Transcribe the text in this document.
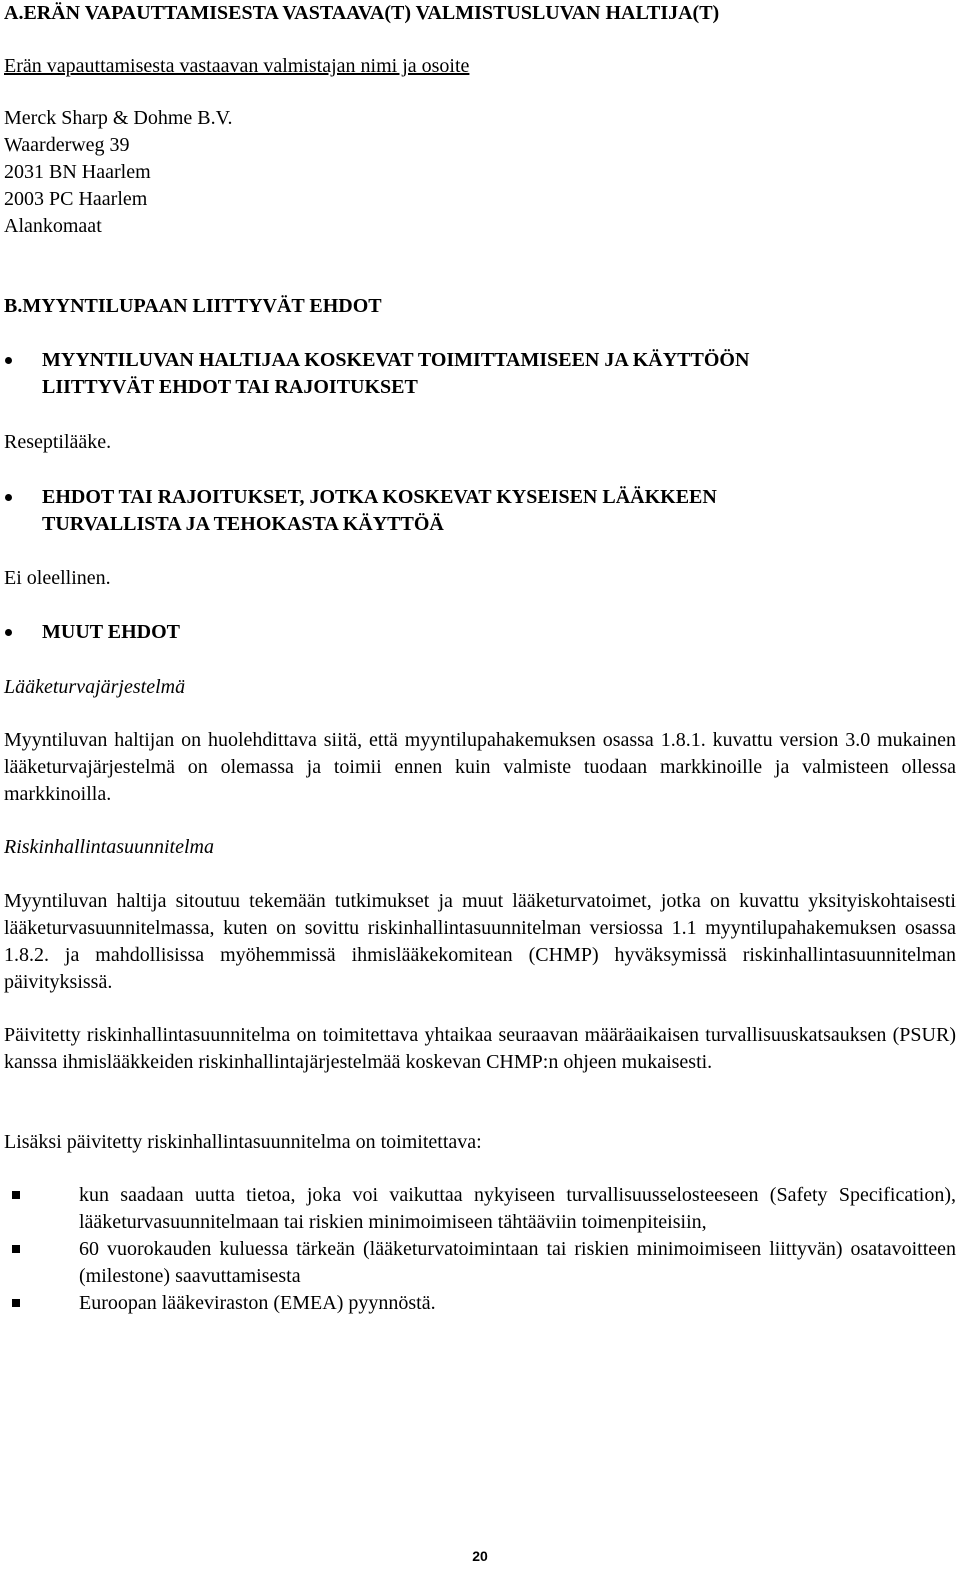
A.ERÄN VAPAUTTAMISESTA VASTAAVA(T) VALMISTUSLUVAN HALTIJA(T)
Erän vapauttamisesta vastaavan valmistajan nimi ja osoite
Merck Sharp & Dohme B.V.
Waarderweg 39
2031 BN Haarlem
2003 PC Haarlem
Alankomaat
B.MYYNTILUPAAN LIITTYVÄT EHDOT
MYYNTILUVAN HALTIJAA KOSKEVAT TOIMITTAMISEEN JA KÄYTTÖÖN
LIITTYVÄT EHDOT TAI RAJOITUKSET
Reseptilääke.
EHDOT TAI RAJOITUKSET, JOTKA KOSKEVAT KYSEISEN LÄÄKKEEN
TURVALLISTA JA TEHOKASTA KÄYTTÖÄ
Ei oleellinen.
MUUT EHDOT
Lääketurvajärjestelmä
Myyntiluvan haltijan on huolehdittava siitä, että myyntilupahakemuksen osassa 1.8.1. kuvattu version 3.0 mukainen lääketurvajärjestelmä on olemassa ja toimii ennen kuin valmiste tuodaan markkinoille ja valmisteen ollessa markkinoilla.
Riskinhallintasuunnitelma
Myyntiluvan haltija sitoutuu tekemään tutkimukset ja muut lääketurvatoimet, jotka on kuvattu yksityiskohtaisesti lääketurvasuunnitelmassa, kuten on sovittu riskinhallintasuunnitelman versiossa 1.1 myyntilupahakemuksen osassa 1.8.2. ja mahdollisissa myöhemmissä ihmislääkekomitean (CHMP) hyväksymissä riskinhallintasuunnitelman päivityksissä.
Päivitetty riskinhallintasuunnitelma on toimitettava yhtaikaa seuraavan määräaikaisen turvallisuuskatsauksen (PSUR) kanssa ihmislääkkeiden riskinhallintajärjestelmää koskevan CHMP:n ohjeen mukaisesti.
Lisäksi päivitetty riskinhallintasuunnitelma on toimitettava:
kun saadaan uutta tietoa, joka voi vaikuttaa nykyiseen turvallisuusselosteeseen (Safety Specification), lääketurvasuunnitelmaan tai riskien minimoimiseen tähtääviin toimenpiteisiin,
60 vuorokauden kuluessa tärkeän (lääketurvatoimintaan tai riskien minimoimiseen liittyvän) osatavoitteen (milestone) saavuttamisesta
Euroopan lääkeviraston (EMEA) pyynnöstä.
20
